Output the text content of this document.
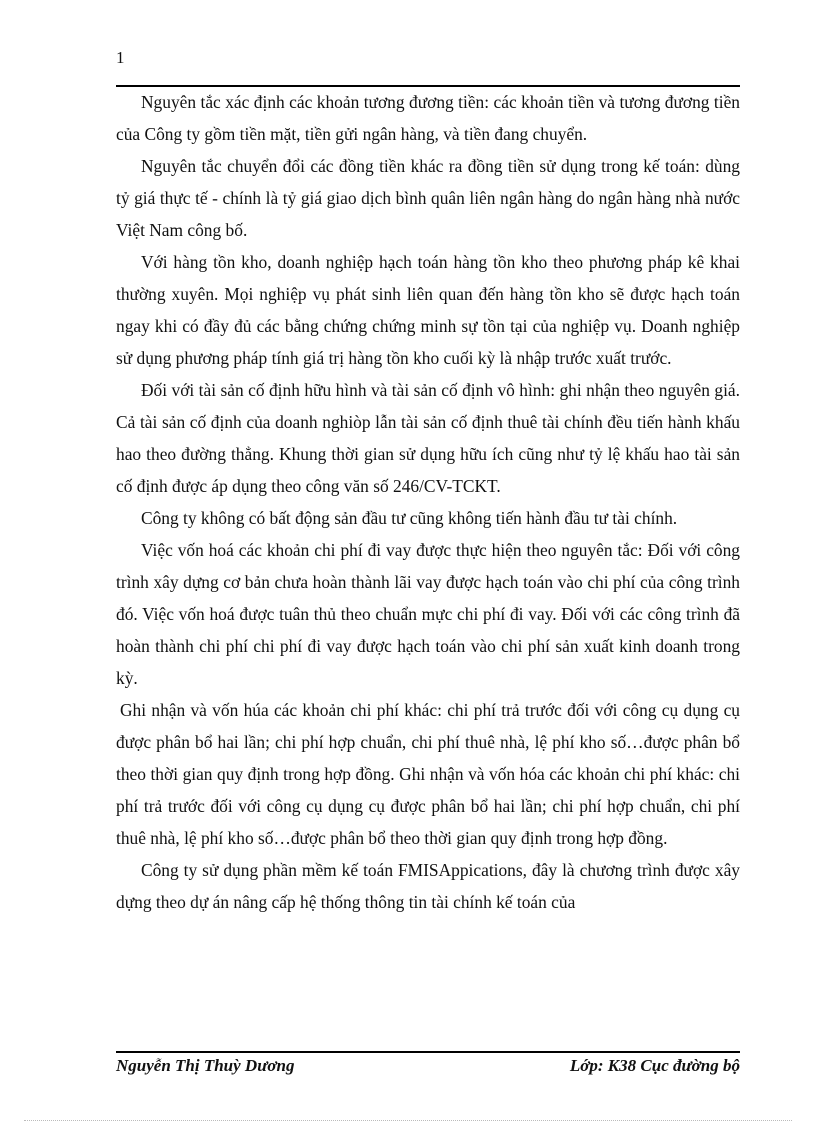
1

Nguyên tắc xác định các khoản tương đương tiền: các khoản tiền và tương đương tiền của Công ty gồm tiền mặt, tiền gửi ngân hàng, và tiền đang chuyển.

Nguyên tắc chuyển đổi các đồng tiền khác ra đồng tiền sử dụng trong kế toán: dùng tỷ giá thực tế - chính là tỷ giá giao dịch bình quân liên ngân hàng do ngân hàng nhà nước Việt Nam công bố.

Với hàng tồn kho, doanh nghiệp hạch toán hàng tồn kho theo phương pháp kê khai thường xuyên. Mọi nghiệp vụ phát sinh liên quan đến hàng tồn kho sẽ được hạch toán ngay khi có đầy đủ các bằng chứng chứng minh sự tồn tại của nghiệp vụ. Doanh nghiệp sử dụng phương pháp tính giá trị hàng tồn kho cuối kỳ là nhập trước xuất trước.

Đối với tài sản cố định hữu hình và tài sản cố định vô hình: ghi nhận theo nguyên giá. Cả tài sản cố định của doanh nghiòp lẫn tài sản cố định thuê tài chính đều tiến hành khấu hao theo đường thẳng. Khung thời gian sử dụng hữu ích cũng như tỷ lệ khấu hao tài sản cố định được áp dụng theo công văn số 246/CV-TCKT.

Công ty không có bất động sản đầu tư cũng không tiến hành đầu tư tài chính.

Việc vốn hoá các khoản chi phí đi vay được thực hiện theo nguyên tắc: Đối với công trình xây dựng cơ bản chưa hoàn thành lãi vay được hạch toán vào chi phí của công trình đó. Việc vốn hoá được tuân thủ theo chuẩn mực chi phí đi vay. Đối với các công trình đã hoàn thành chi phí chi phí đi vay được hạch toán vào chi phí sản xuất kinh doanh trong kỳ.

Ghi nhận và vốn húa các khoản chi phí khác: chi phí trả trước đối với công cụ dụng cụ được phân bổ hai lần; chi phí hợp chuẩn, chi phí thuê nhà, lệ phí kho số…được phân bổ theo thời gian quy định trong hợp đồng. Ghi nhận và vốn hóa các khoản chi phí khác: chi phí trả trước đối với công cụ dụng cụ được phân bổ hai lần; chi phí hợp chuẩn, chi phí thuê nhà, lệ phí kho số…được phân bổ theo thời gian quy định trong hợp đồng.

Công ty sử dụng phần mềm kế toán FMISAppications, đây là chương trình được xây dựng theo dự án nâng cấp hệ thống thông tin tài chính kế toán của

Nguyễn Thị Thuỳ Dương	Lớp: K38 Cục đường bộ
